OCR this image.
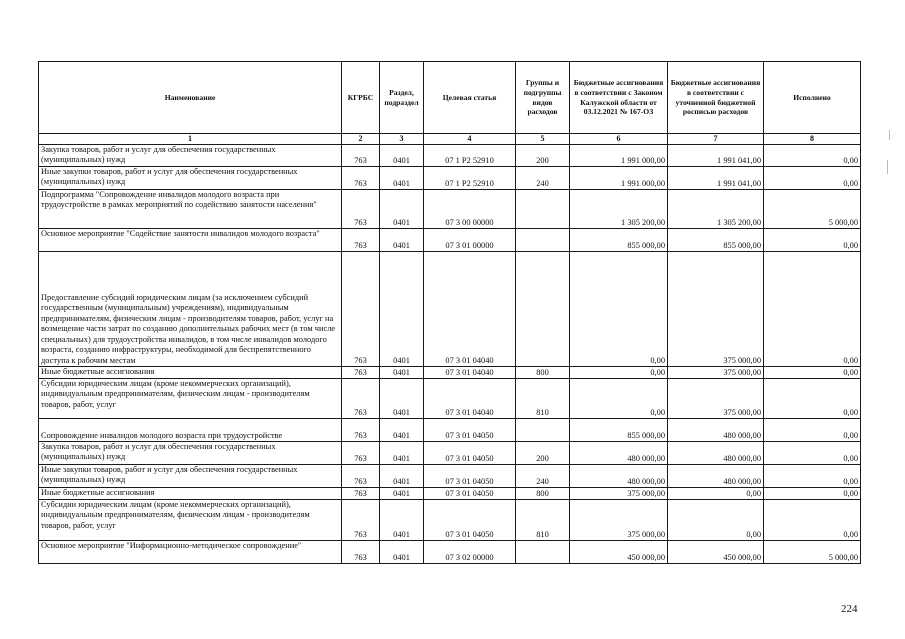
Наименование	КГРБС	Раздел, подраздел	Целевая статья	Группы и подгруппы видов расходов	Бюджетные ассигнования в соответствии с Законом Калужской области от 03.12.2021 № 167-ОЗ	Бюджетные ассигнования в соответствии с уточненной бюджетной росписью расходов	Исполнено
1	2	3	4	5	6	7	8
Закупка товаров, работ и услуг для обеспечения государственных (муниципальных) нужд	763	0401	07 1 P2 52910	200	1 991 000,00	1 991 041,00	0,00
Иные закупки товаров, работ и услуг для обеспечения государственных (муниципальных) нужд	763	0401	07 1 P2 52910	240	1 991 000,00	1 991 041,00	0,00
Подпрограмма "Сопровождение инвалидов молодого возраста при трудоустройстве в рамках мероприятий по содействию занятости населения"	763	0401	07 3 00 00000		1 305 200,00	1 305 200,00	5 000,00
Основное мероприятие "Содействие занятости инвалидов молодого возраста"	763	0401	07 3 01 00000		855 000,00	855 000,00	0,00
Предоставление субсидий юридическим лицам (за исключением субсидий государственным (муниципальным) учреждениям), индивидуальным предпринимателям, физическим лицам - производителям товаров, работ, услуг на возмещение части затрат по созданию дополнительных рабочих мест (в том числе специальных) для трудоустройства инвалидов, в том числе инвалидов молодого возраста, созданию инфраструктуры, необходимой для беспрепятственного доступа к рабочим местам	763	0401	07 3 01 04040		0,00	375 000,00	0,00
Иные бюджетные ассигнования	763	0401	07 3 01 04040	800	0,00	375 000,00	0,00
Субсидии юридическим лицам (кроме некоммерческих организаций), индивидуальным предпринимателям, физическим лицам - производителям товаров, работ, услуг	763	0401	07 3 01 04040	810	0,00	375 000,00	0,00
Сопровождение инвалидов молодого возраста при трудоустройстве	763	0401	07 3 01 04050		855 000,00	480 000,00	0,00
Закупка товаров, работ и услуг для обеспечения государственных (муниципальных) нужд	763	0401	07 3 01 04050	200	480 000,00	480 000,00	0,00
Иные закупки товаров, работ и услуг для обеспечения государственных (муниципальных) нужд	763	0401	07 3 01 04050	240	480 000,00	480 000,00	0,00
Иные бюджетные ассигнования	763	0401	07 3 01 04050	800	375 000,00	0,00	0,00
Субсидии юридическим лицам (кроме некоммерческих организаций), индивидуальным предпринимателям, физическим лицам - производителям товаров, работ, услуг	763	0401	07 3 01 04050	810	375 000,00	0,00	0,00
Основное мероприятие "Информационно-методическое сопровождение"	763	0401	07 3 02 00000		450 000,00	450 000,00	5 000,00
224
